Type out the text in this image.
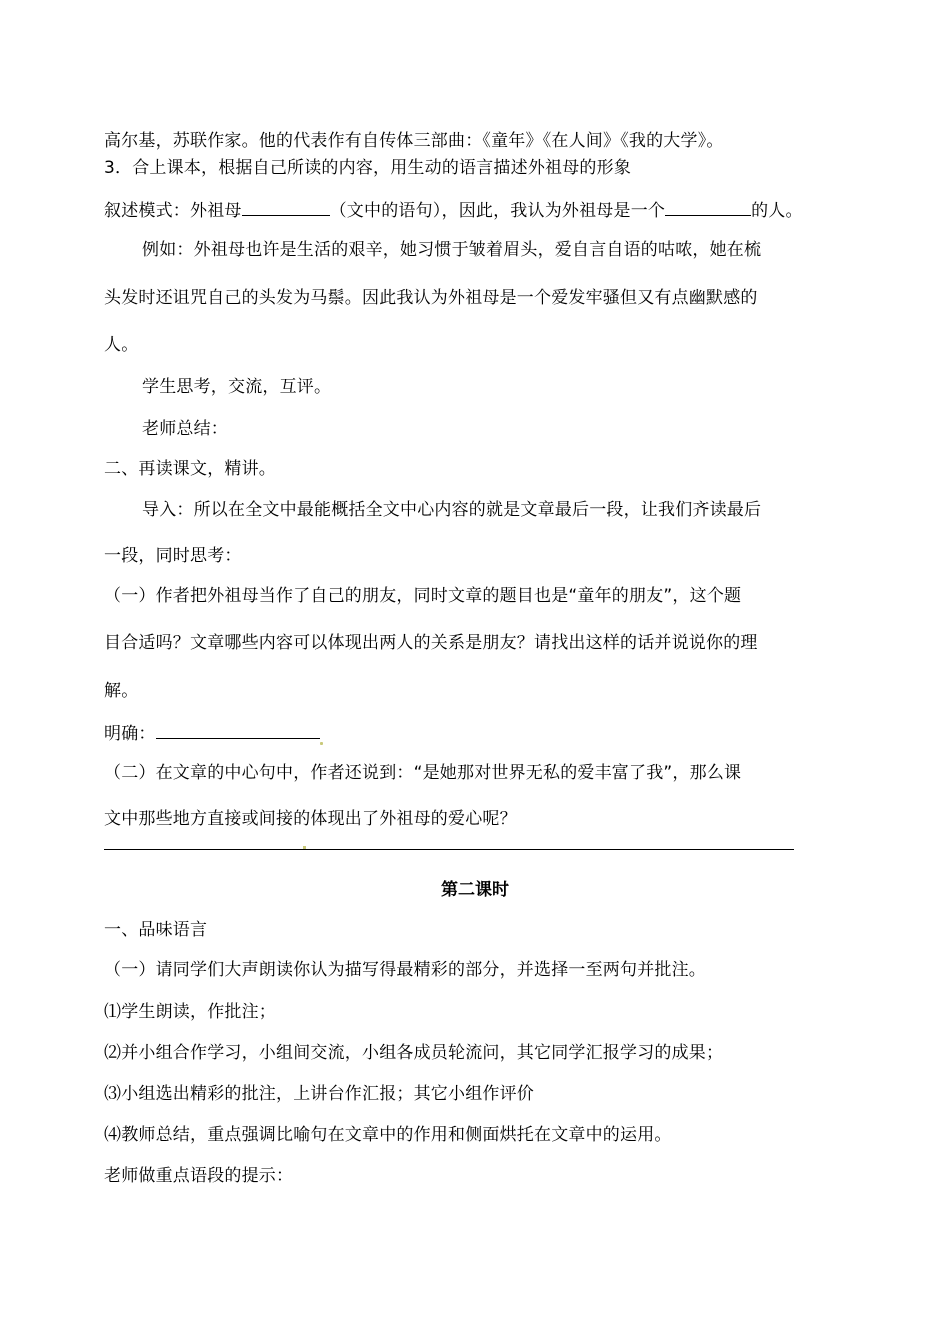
高尔基，苏联作家。他的代表作有自传体三部曲：《童年》《在人间》《我的大学》。
3．合上课本，根据自己所读的内容，用生动的语言描述外祖母的形象
叙述模式：外祖母	（文中的语句），因此，我认为外祖母是一个	的人。
例如：外祖母也许是生活的艰辛，她习惯于皱着眉头，爱自言自语的咕哝，她在梳
头发时还诅咒自己的头发为马鬃。因此我认为外祖母是一个爱发牢骚但又有点幽默感的
人。
学生思考，交流，互评。
老师总结：
二、再读课文，精讲。
导入：所以在全文中最能概括全文中心内容的就是文章最后一段，让我们齐读最后
一段，同时思考：
（一）作者把外祖母当作了自己的朋友，同时文章的题目也是“童年的朋友”，这个题
目合适吗？文章哪些内容可以体现出两人的关系是朋友？请找出这样的话并说说你的理
解。
明确：
（二）在文章的中心句中，作者还说到：“是她那对世界无私的爱丰富了我”，那么课
文中那些地方直接或间接的体现出了外祖母的爱心呢？
第二课时
一、品味语言
（一）请同学们大声朗读你认为描写得最精彩的部分，并选择一至两句并批注。
⑴学生朗读，作批注；
⑵并小组合作学习，小组间交流，小组各成员轮流问，其它同学汇报学习的成果；
⑶小组选出精彩的批注，上讲台作汇报；其它小组作评价
⑷教师总结，重点强调比喻句在文章中的作用和侧面烘托在文章中的运用。
老师做重点语段的提示：
